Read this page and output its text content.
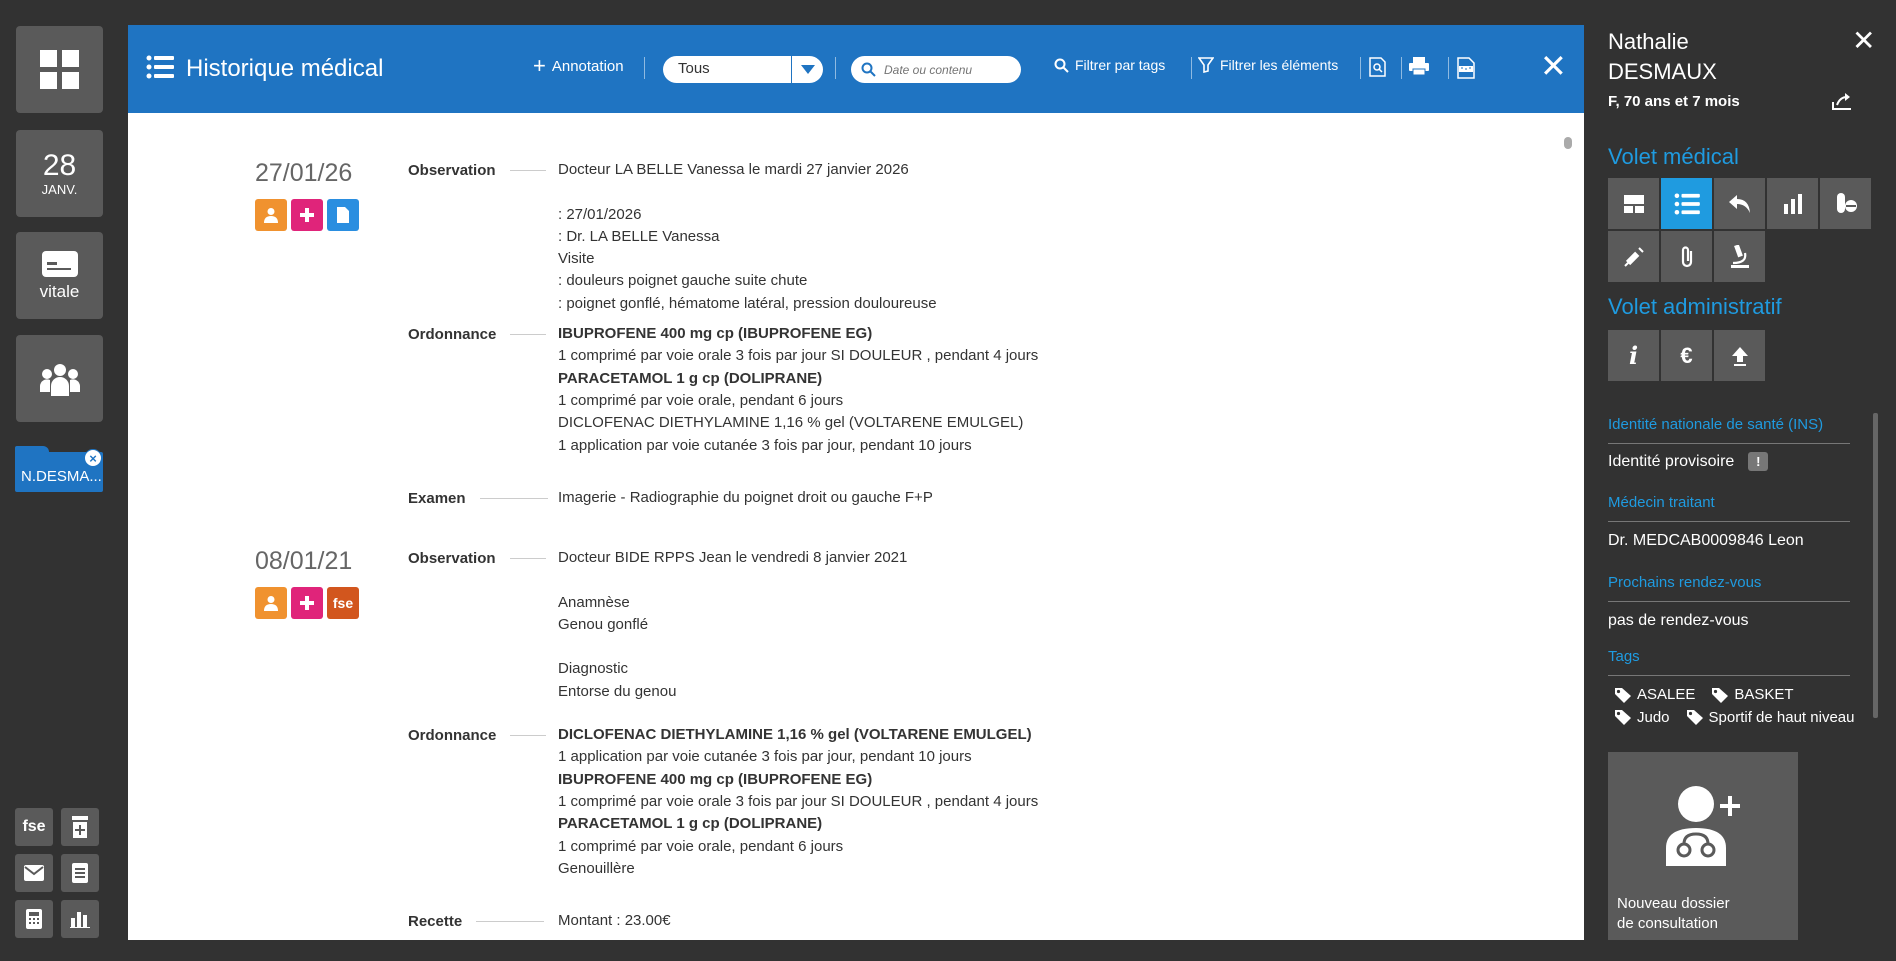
28
JANV.
vitale
N.DESMA...
×
fse
Historique médical	+ Annotation	Tous
Date ou contenu	Filtrer par tags	Filtrer les éléments	✕
27/01/26	Observation	Docteur LA BELLE Vanessa le mardi 27 janvier 2026
: 27/01/2026
: Dr. LA BELLE Vanessa
Visite
: douleurs poignet gauche suite chute
: poignet gonflé, hématome latéral, pression douloureuse
Ordonnance	IBUPROFENE 400 mg cp (IBUPROFENE EG)
1 comprimé par voie orale 3 fois par jour SI DOULEUR , pendant 4 jours
PARACETAMOL 1 g cp (DOLIPRANE)
1 comprimé par voie orale, pendant 6 jours
DICLOFENAC DIETHYLAMINE 1,16 % gel (VOLTARENE EMULGEL)
1 application par voie cutanée 3 fois par jour, pendant 10 jours
Examen	Imagerie - Radiographie du poignet droit ou gauche F+P
08/01/21
fse
Observation	Docteur BIDE RPPS Jean le vendredi 8 janvier 2021
Anamnèse
Genou gonflé
Diagnostic
Entorse du genou
Ordonnance	DICLOFENAC DIETHYLAMINE 1,16 % gel (VOLTARENE EMULGEL)
1 application par voie cutanée 3 fois par jour, pendant 10 jours
IBUPROFENE 400 mg cp (IBUPROFENE EG)
1 comprimé par voie orale 3 fois par jour SI DOULEUR , pendant 4 jours
PARACETAMOL 1 g cp (DOLIPRANE)
1 comprimé par voie orale, pendant 6 jours
Genouillère
Recette	Montant : 23.00€
Nathalie
DESMAUX
F, 70 ans et 7 mois
✕
Volet médical
Volet administratif
i €
Identité nationale de santé (INS)
Identité provisoire	!
Médecin traitant
Dr. MEDCAB0009846 Leon
Prochains rendez-vous
pas de rendez-vous
Tags
ASALEE	BASKET
Judo	Sportif de haut niveau
Nouveau dossier
de consultation
